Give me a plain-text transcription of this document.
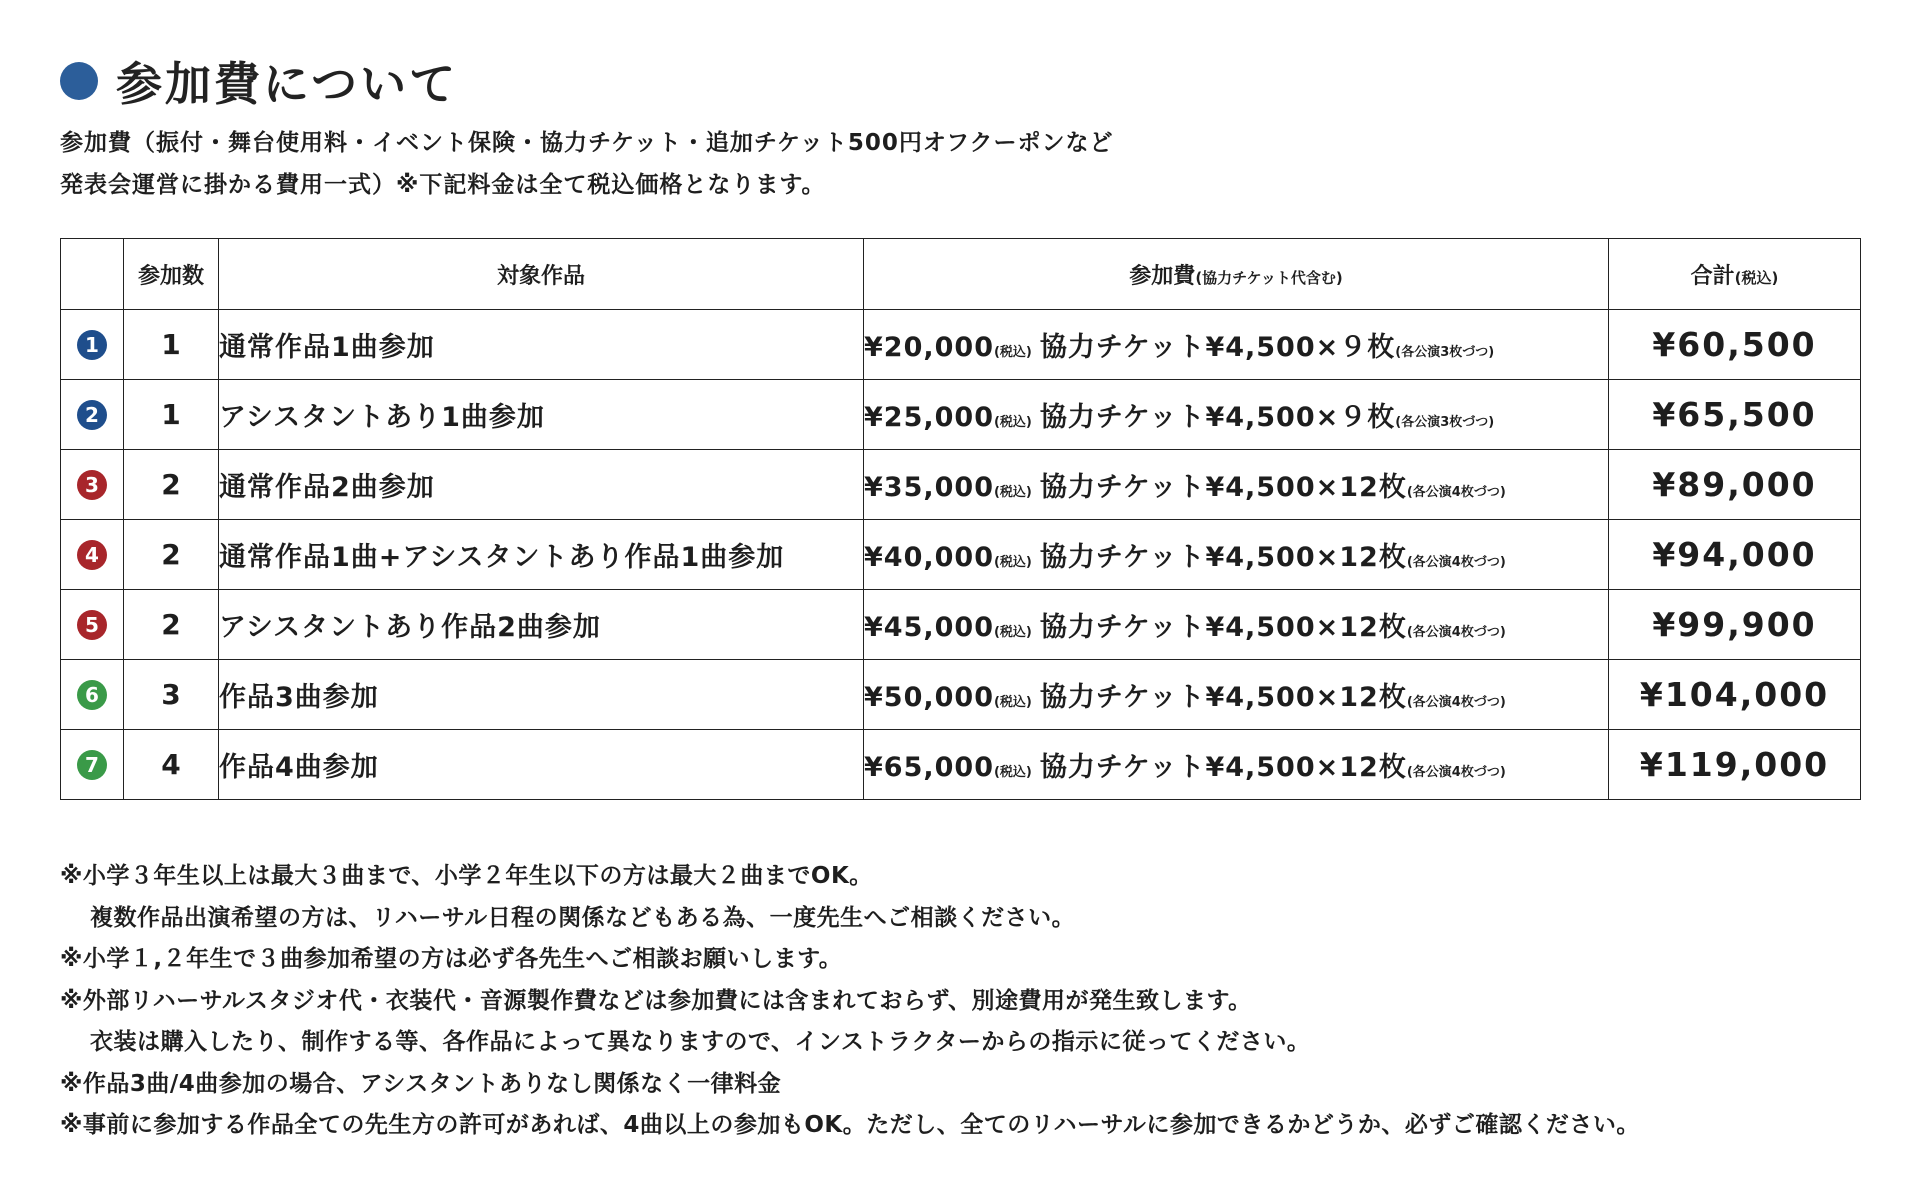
参加費について
参加費（振付・舞台使用料・イベント保険・協力チケット・追加チケット500円オフクーポンなど
発表会運営に掛かる費用一式）※下記料金は全て税込価格となります。
	参加数	対象作品	参加費(協力チケット代含む)	合計(税込)
1	1	通常作品1曲参加	¥20,000(税込) 協力チケット¥4,500×９枚(各公演3枚づつ)	¥60,500
2	1	アシスタントあり1曲参加	¥25,000(税込) 協力チケット¥4,500×９枚(各公演3枚づつ)	¥65,500
3	2	通常作品2曲参加	¥35,000(税込) 協力チケット¥4,500×12枚(各公演4枚づつ)	¥89,000
4	2	通常作品1曲+アシスタントあり作品1曲参加	¥40,000(税込) 協力チケット¥4,500×12枚(各公演4枚づつ)	¥94,000
5	2	アシスタントあり作品2曲参加	¥45,000(税込) 協力チケット¥4,500×12枚(各公演4枚づつ)	¥99,900
6	3	作品3曲参加	¥50,000(税込) 協力チケット¥4,500×12枚(各公演4枚づつ)	¥104,000
7	4	作品4曲参加	¥65,000(税込) 協力チケット¥4,500×12枚(各公演4枚づつ)	¥119,000
※小学３年生以上は最大３曲まで、小学２年生以下の方は最大２曲までOK。
複数作品出演希望の方は、リハーサル日程の関係などもある為、一度先生へご相談ください。
※小学１,２年生で３曲参加希望の方は必ず各先生へご相談お願いします。
※外部リハーサルスタジオ代・衣装代・音源製作費などは参加費には含まれておらず、別途費用が発生致します。
衣装は購入したり、制作する等、各作品によって異なりますので、インストラクターからの指示に従ってください。
※作品3曲/4曲参加の場合、アシスタントありなし関係なく一律料金
※事前に参加する作品全ての先生方の許可があれば、4曲以上の参加もOK。ただし、全てのリハーサルに参加できるかどうか、必ずご確認ください。
